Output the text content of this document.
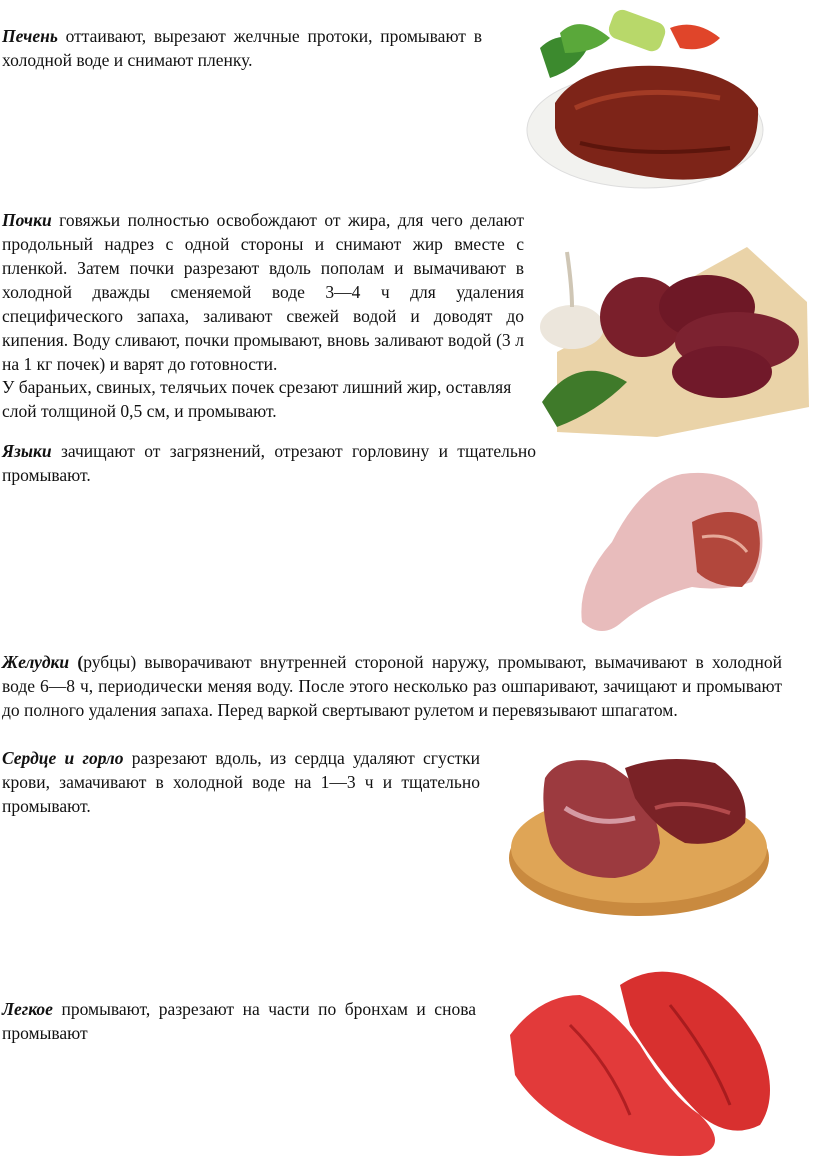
Печень оттаивают, вырезают желчные протоки, промывают в холодной воде и снимают пленку.

Почки говяжьи полностью освобождают от жира, для чего делают продольный надрез с одной стороны и снимают жир вместе с пленкой. Затем почки разрезают вдоль пополам и вымачивают в холодной дважды сменяемой воде 3—4 ч для удаления специфического запаха, заливают свежей водой и доводят до кипения. Воду сливают, почки промывают, вновь заливают водой (3 л на 1 кг почек) и варят до готовности.

У бараньих, свиных, телячьих почек срезают лишний жир, оставляя слой толщиной 0,5 см, и промывают.

Языки зачищают от загрязнений, отрезают горловину и тщательно промывают.

Желудки (рубцы) выворачивают внутренней стороной наружу, промывают, вымачивают в холодной воде 6—8 ч, периодически меняя воду. После этого несколько раз ошпаривают, зачищают и промывают до полного удаления запаха. Перед варкой свертывают рулетом и перевязывают шпагатом.

Сердце и горло разрезают вдоль, из сердца удаляют сгустки крови, замачивают в холодной воде на 1—3 ч и тщательно промывают.

Легкое промывают, разрезают на части по бронхам и снова промывают
